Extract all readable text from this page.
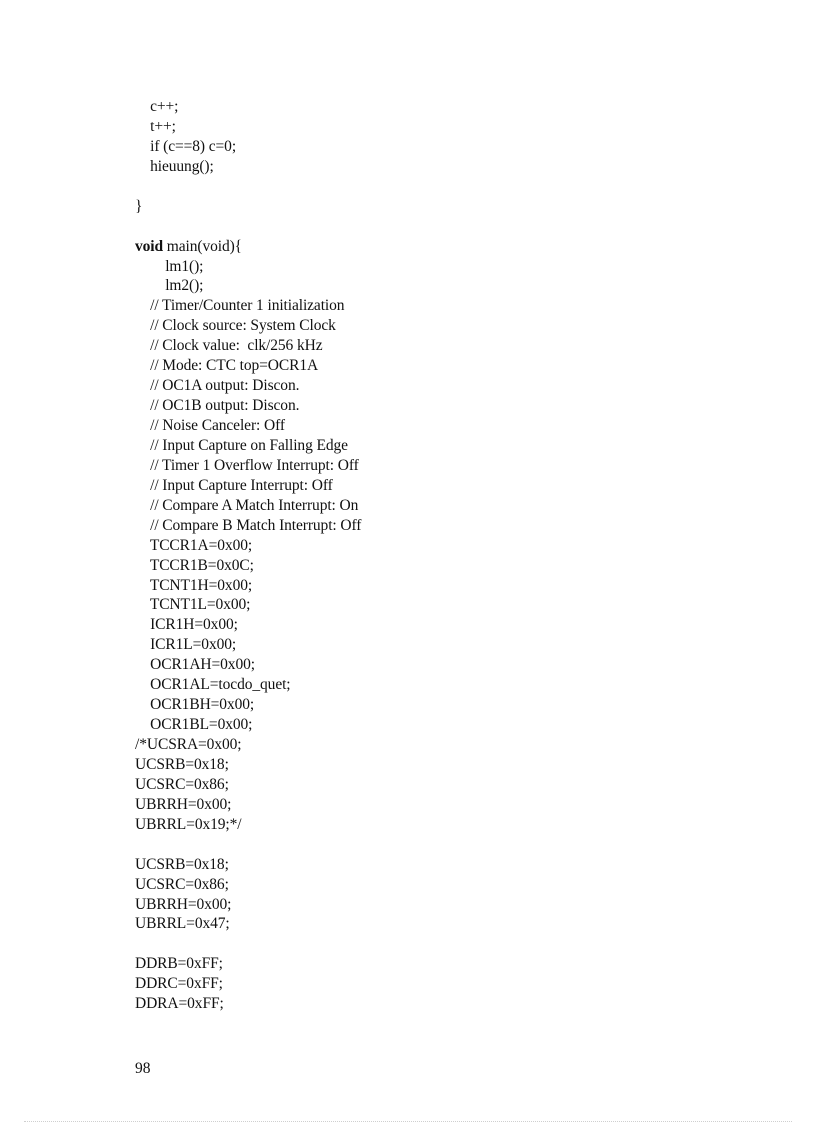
c++;
t++;
if (c==8) c=0;
hieuung();
}
void main(void){
lm1();
lm2();
// Timer/Counter 1 initialization
// Clock source: System Clock
// Clock value:  clk/256 kHz
// Mode: CTC top=OCR1A
// OC1A output: Discon.
// OC1B output: Discon.
// Noise Canceler: Off
// Input Capture on Falling Edge
// Timer 1 Overflow Interrupt: Off
// Input Capture Interrupt: Off
// Compare A Match Interrupt: On
// Compare B Match Interrupt: Off
TCCR1A=0x00;
TCCR1B=0x0C;
TCNT1H=0x00;
TCNT1L=0x00;
ICR1H=0x00;
ICR1L=0x00;
OCR1AH=0x00;
OCR1AL=tocdo_quet;
OCR1BH=0x00;
OCR1BL=0x00;
/*UCSRA=0x00;
UCSRB=0x18;
UCSRC=0x86;
UBRRH=0x00;
UBRRL=0x19;*/
UCSRB=0x18;
UCSRC=0x86;
UBRRH=0x00;
UBRRL=0x47;
DDRB=0xFF;
DDRC=0xFF;
DDRA=0xFF;
98
